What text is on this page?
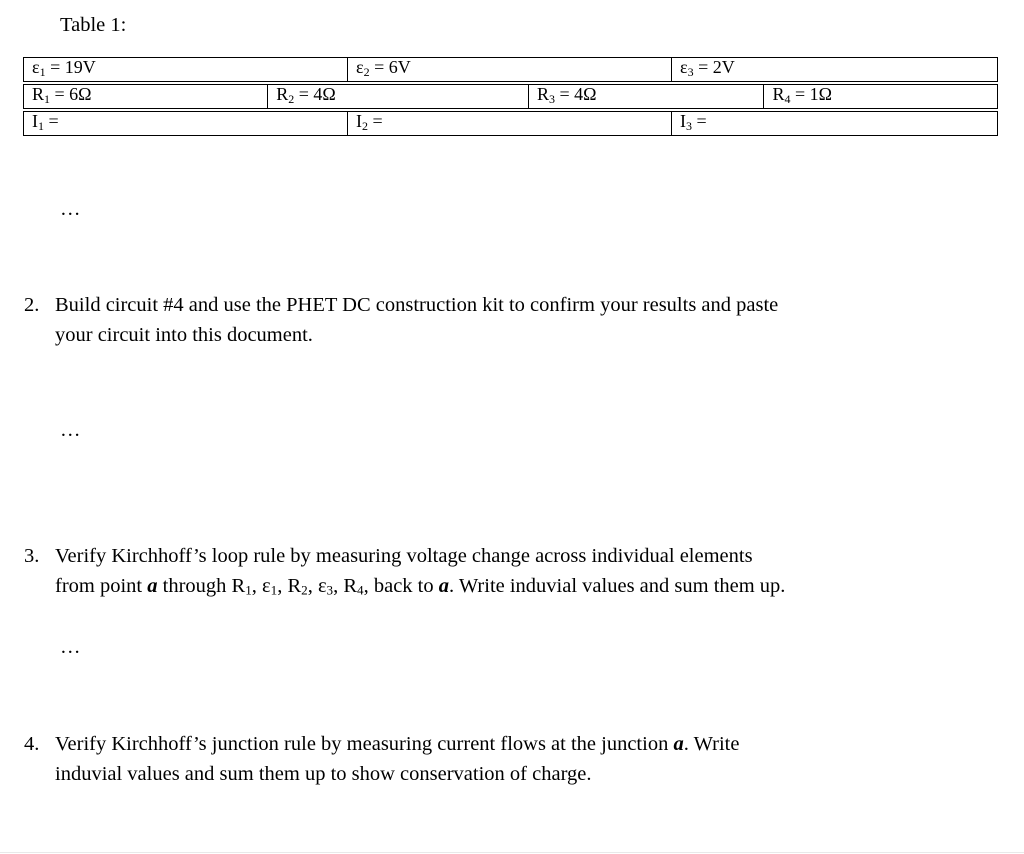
Table 1:
ε1 = 19V	ε2 = 6V	ε3 = 2V
R1 = 6Ω	R2 = 4Ω	R3 = 4Ω	R4 = 1Ω
I1 =	I2 =	I3 =
…
…
…
2. Build circuit #4 and use the PHET DC construction kit to confirm your results and paste
your circuit into this document.
3. Verify Kirchhoff’s loop rule by measuring voltage change across individual elements
from point a through R1, ε1, R2, ε3, R4, back to a. Write induvial values and sum them up.
4. Verify Kirchhoff’s junction rule by measuring current flows at the junction a. Write
induvial values and sum them up to show conservation of charge.
